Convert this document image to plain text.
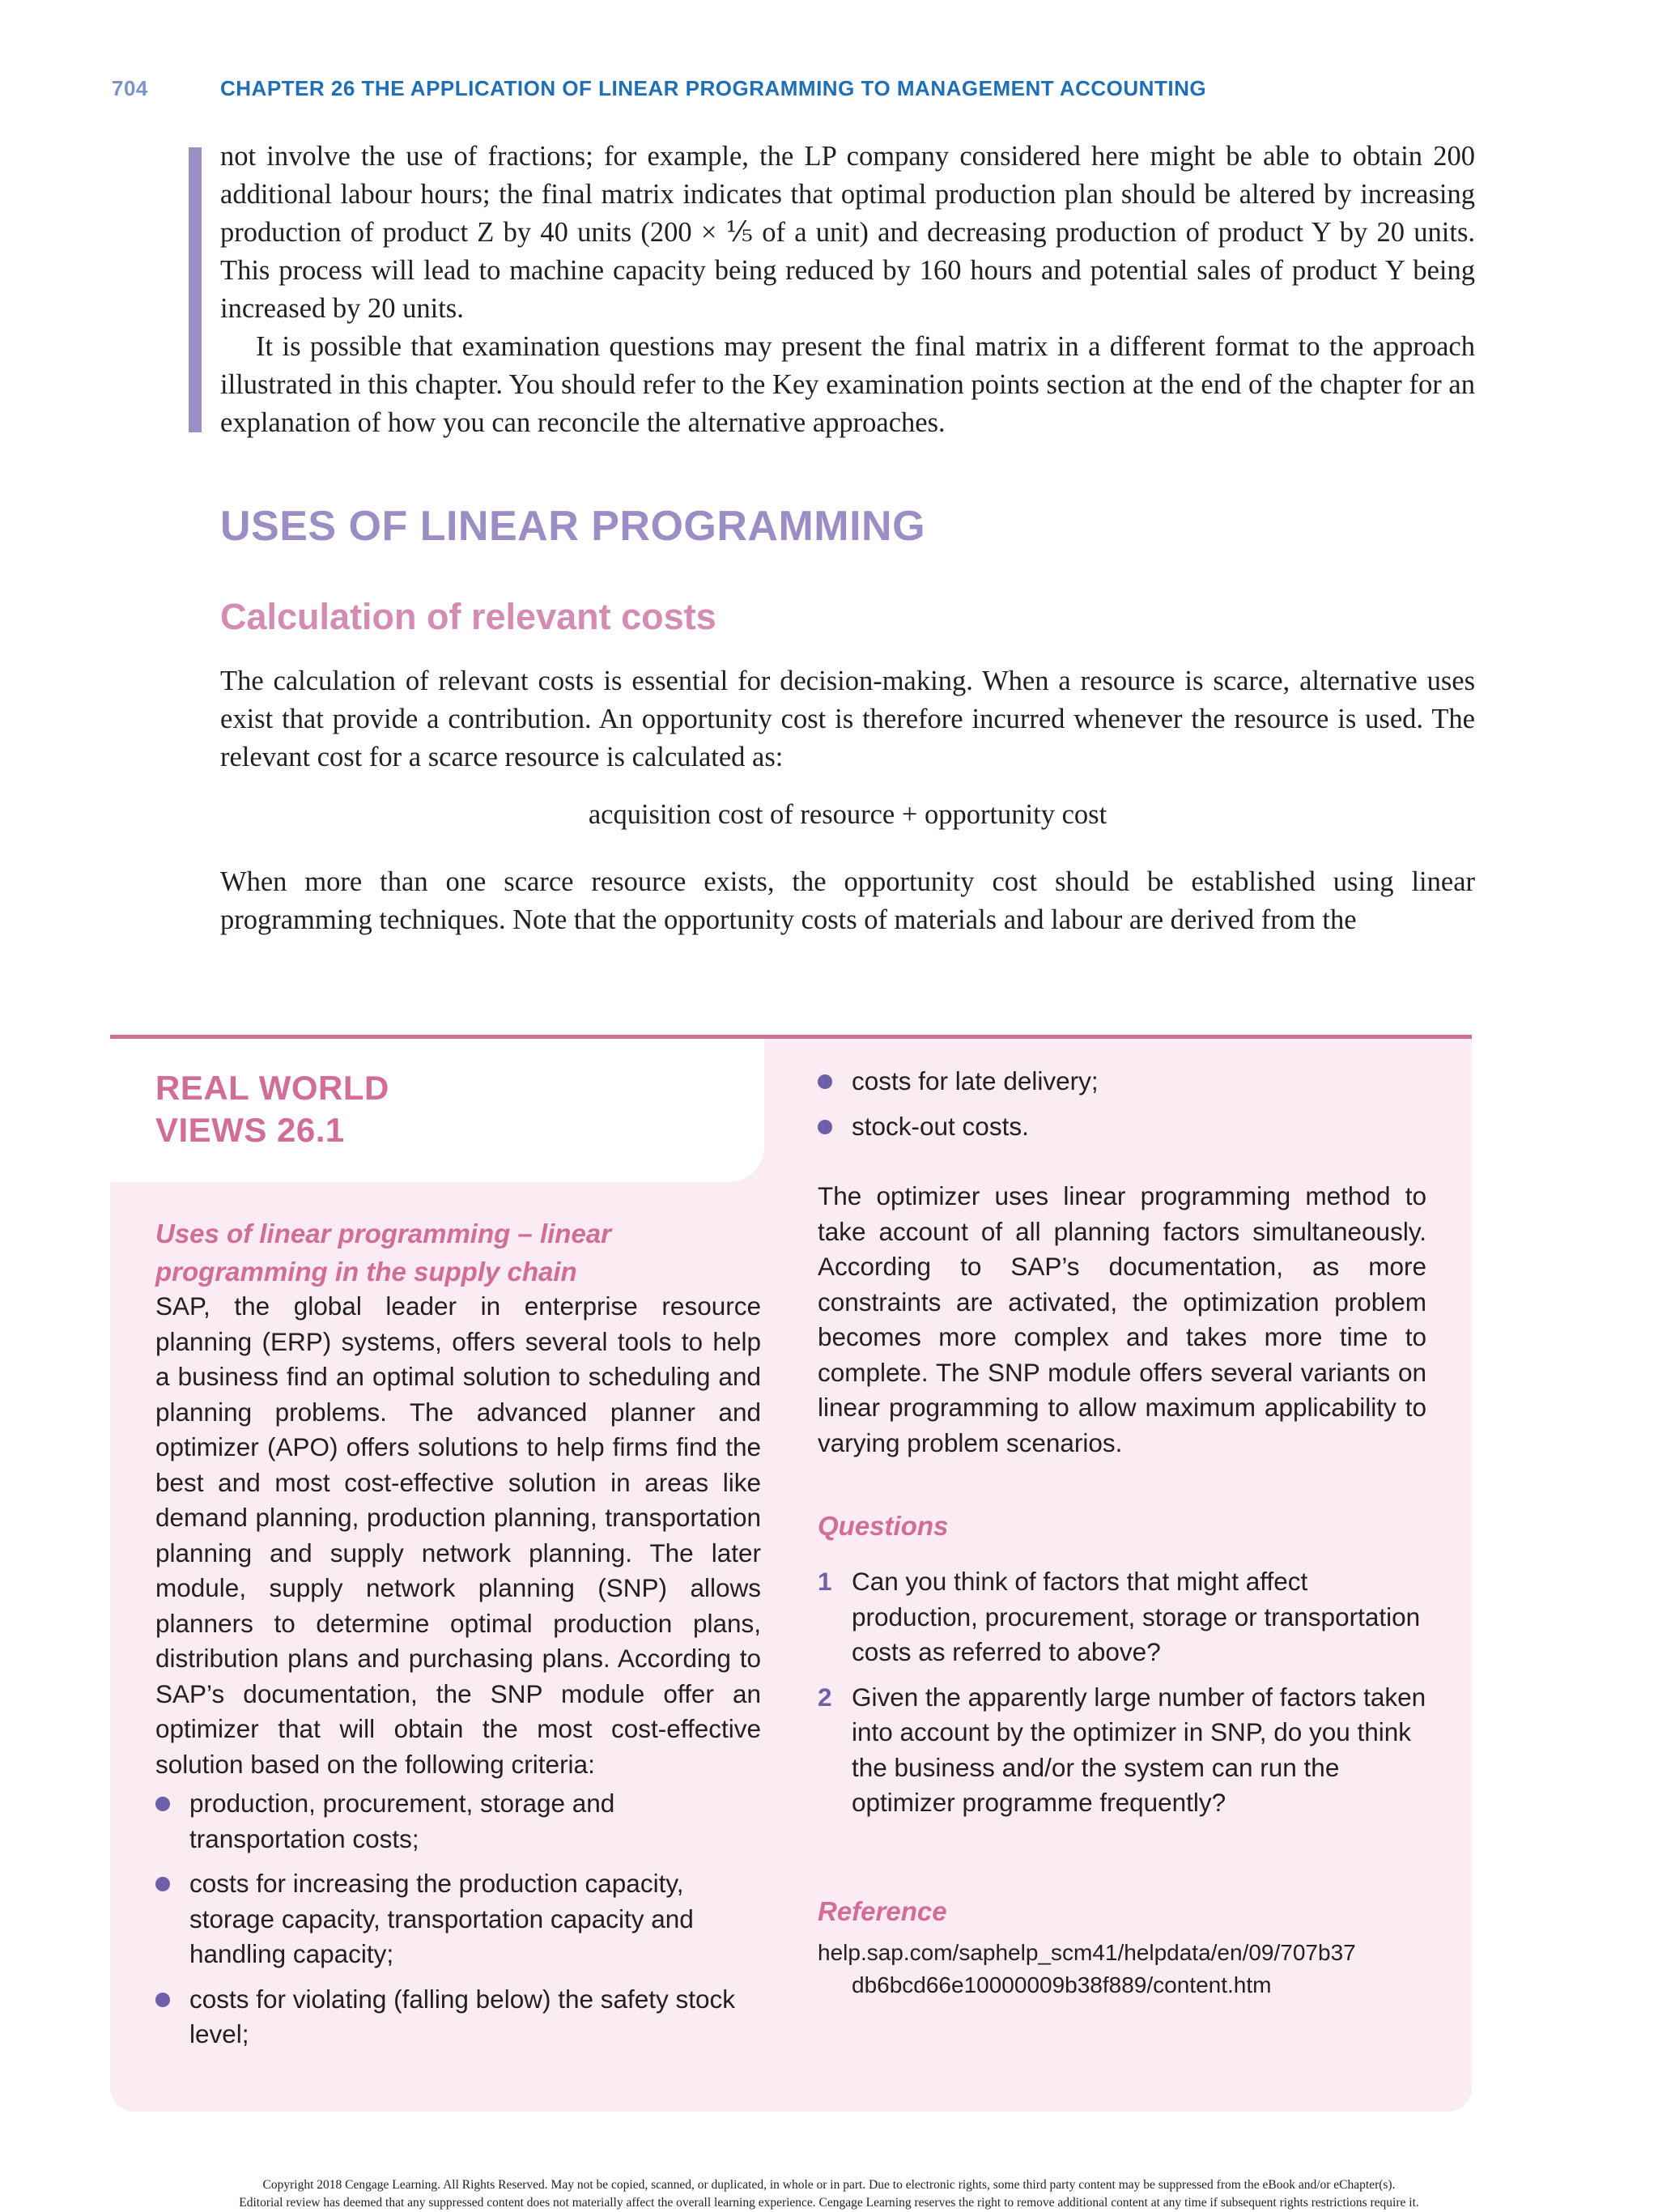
704	CHAPTER 26 THE APPLICATION OF LINEAR PROGRAMMING TO MANAGEMENT ACCOUNTING

not involve the use of fractions; for example, the LP company considered here might be able to obtain 200 additional labour hours; the final matrix indicates that optimal production plan should be altered by increasing production of product Z by 40 units (200 × ⅕ of a unit) and decreasing production of product Y by 20 units. This process will lead to machine capacity being reduced by 160 hours and potential sales of product Y being increased by 20 units.

It is possible that examination questions may present the final matrix in a different format to the approach illustrated in this chapter. You should refer to the Key examination points section at the end of the chapter for an explanation of how you can reconcile the alternative approaches.

USES OF LINEAR PROGRAMMING
Calculation of relevant costs

The calculation of relevant costs is essential for decision-making. When a resource is scarce, alternative uses exist that provide a contribution. An opportunity cost is therefore incurred whenever the resource is used. The relevant cost for a scarce resource is calculated as:

acquisition cost of resource + opportunity cost

When more than one scarce resource exists, the opportunity cost should be established using linear programming techniques. Note that the opportunity costs of materials and labour are derived from the

REAL WORLD
VIEWS 26.1
Uses of linear programming – linear programming in the supply chain

SAP, the global leader in enterprise resource planning (ERP) systems, offers several tools to help a business find an optimal solution to scheduling and planning problems. The advanced planner and optimizer (APO) offers solutions to help firms find the best and most cost-effective solution in areas like demand planning, production planning, transportation planning and supply network planning. The later module, supply network planning (SNP) allows planners to determine optimal production plans, distribution plans and purchasing plans. According to SAP’s documentation, the SNP module offer an optimizer that will obtain the most cost-effective solution based on the following criteria:

production, procurement, storage and transportation costs;
costs for increasing the production capacity, storage capacity, transportation capacity and handling capacity;
costs for violating (falling below) the safety stock level;
costs for late delivery;
stock-out costs.

The optimizer uses linear programming method to take account of all planning factors simultaneously. According to SAP’s documentation, as more constraints are activated, the optimization problem becomes more complex and takes more time to complete. The SNP module offers several variants on linear programming to allow maximum applicability to varying problem scenarios.

Questions
1 Can you think of factors that might affect production, procurement, storage or transportation costs as referred to above?
2 Given the apparently large number of factors taken into account by the optimizer in SNP, do you think the business and/or the system can run the optimizer programme frequently?
Reference
help.sap.com/saphelp_scm41/helpdata/en/09/707b37
db6bcd66e10000009b38f889/content.htm
Copyright 2018 Cengage Learning. All Rights Reserved. May not be copied, scanned, or duplicated, in whole or in part. Due to electronic rights, some third party content may be suppressed from the eBook and/or eChapter(s).
Editorial review has deemed that any suppressed content does not materially affect the overall learning experience. Cengage Learning reserves the right to remove additional content at any time if subsequent rights restrictions require it.
